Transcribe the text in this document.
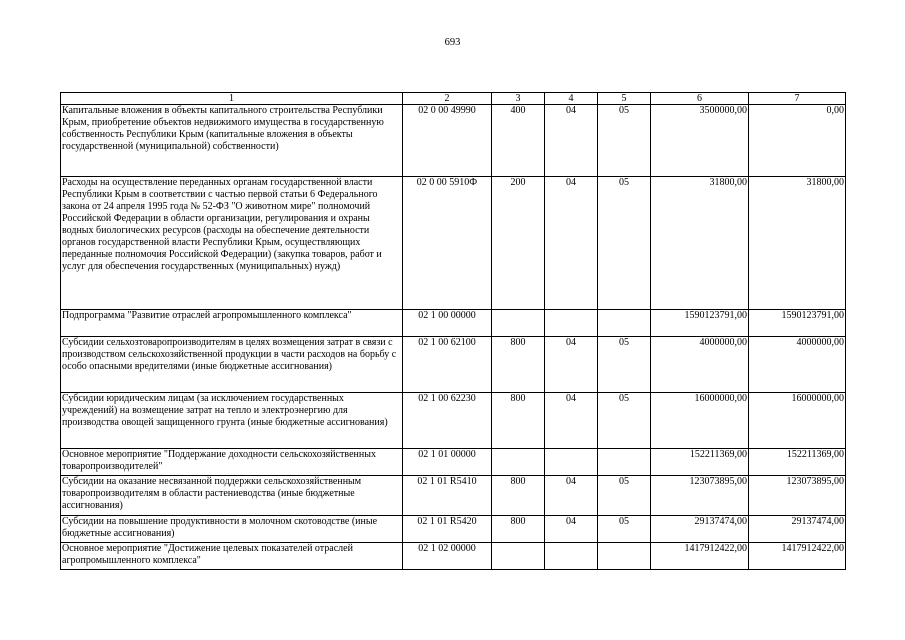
693
1	2	3	4	5	6	7
Капитальные вложения в объекты капитального строительства Республики Крым, приобретение объектов недвижимого имущества в государственную собственность Республики Крым (капитальные вложения в объекты государственной (муниципальной) собственности)	02 0 00 49990	400	04	05	3500000,00	0,00
Расходы на осуществление переданных органам государственной власти Республики Крым в соответствии с частью первой статьи 6 Федерального закона от 24 апреля 1995 года № 52-ФЗ "О животном мире" полномочий Российской Федерации в области организации, регулирования и охраны водных биологических ресурсов (расходы на обеспечение деятельности органов государственной власти Республики Крым, осуществляющих переданные полномочия Российской Федерации) (закупка товаров, работ и услуг для обеспечения государственных (муниципальных) нужд)	02 0 00 5910Ф	200	04	05	31800,00	31800,00
Подпрограмма "Развитие отраслей агропромышленного комплекса"	02 1 00 00000				1590123791,00	1590123791,00
Субсидии сельхозтоваропроизводителям в целях возмещения затрат в связи с производством сельскохозяйственной продукции в части расходов на борьбу с особо опасными вредителями (иные бюджетные ассигнования)	02 1 00 62100	800	04	05	4000000,00	4000000,00
Субсидии юридическим лицам (за исключением государственных учреждений) на возмещение затрат на тепло и электроэнергию для производства овощей защищенного грунта (иные бюджетные ассигнования)	02 1 00 62230	800	04	05	16000000,00	16000000,00
Основное мероприятие "Поддержание доходности сельскохозяйственных товаропроизводителей"	02 1 01 00000				152211369,00	152211369,00
Субсидии на оказание несвязанной поддержки сельскохозяйственным товаропроизводителям в области растениеводства (иные бюджетные ассигнования)	02 1 01 R5410	800	04	05	123073895,00	123073895,00
Субсидии на повышение продуктивности в молочном скотоводстве (иные бюджетные ассигнования)	02 1 01 R5420	800	04	05	29137474,00	29137474,00
Основное мероприятие "Достижение целевых показателей отраслей агропромышленного комплекса"	02 1 02 00000				1417912422,00	1417912422,00
